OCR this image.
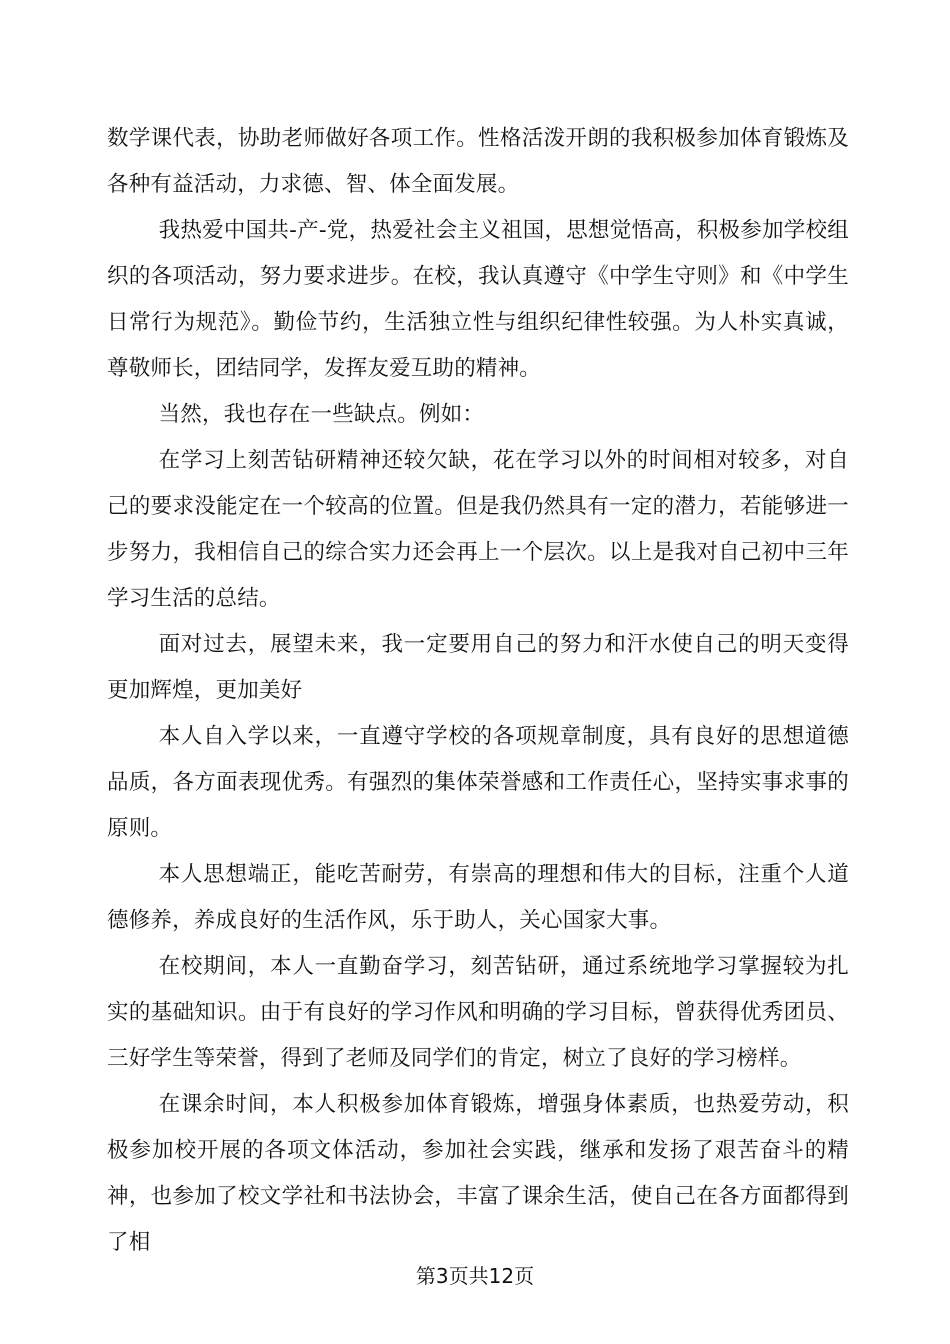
数学课代表，协助老师做好各项工作。性格活泼开朗的我积极参加体育锻炼及各种有益活动，力求德、智、体全面发展。

我热爱中国共-产-党，热爱社会主义祖国，思想觉悟高，积极参加学校组织的各项活动，努力要求进步。在校，我认真遵守《中学生守则》和《中学生日常行为规范》。勤俭节约，生活独立性与组织纪律性较强。为人朴实真诚，尊敬师长，团结同学，发挥友爱互助的精神。

当然，我也存在一些缺点。例如：

在学习上刻苦钻研精神还较欠缺，花在学习以外的时间相对较多，对自己的要求没能定在一个较高的位置。但是我仍然具有一定的潜力，若能够进一步努力，我相信自己的综合实力还会再上一个层次。以上是我对自己初中三年学习生活的总结。

面对过去，展望未来，我一定要用自己的努力和汗水使自己的明天变得更加辉煌，更加美好

本人自入学以来，一直遵守学校的各项规章制度，具有良好的思想道德品质，各方面表现优秀。有强烈的集体荣誉感和工作责任心，坚持实事求事的原则。

本人思想端正，能吃苦耐劳，有崇高的理想和伟大的目标，注重个人道德修养，养成良好的生活作风，乐于助人，关心国家大事。

在校期间，本人一直勤奋学习，刻苦钻研，通过系统地学习掌握较为扎实的基础知识。由于有良好的学习作风和明确的学习目标，曾获得优秀团员、三好学生等荣誉，得到了老师及同学们的肯定，树立了良好的学习榜样。

在课余时间，本人积极参加体育锻炼，增强身体素质，也热爱劳动，积极参加校开展的各项文体活动，参加社会实践，继承和发扬了艰苦奋斗的精神，也参加了校文学社和书法协会，丰富了课余生活，使自己在各方面都得到了相

第3页共12页
